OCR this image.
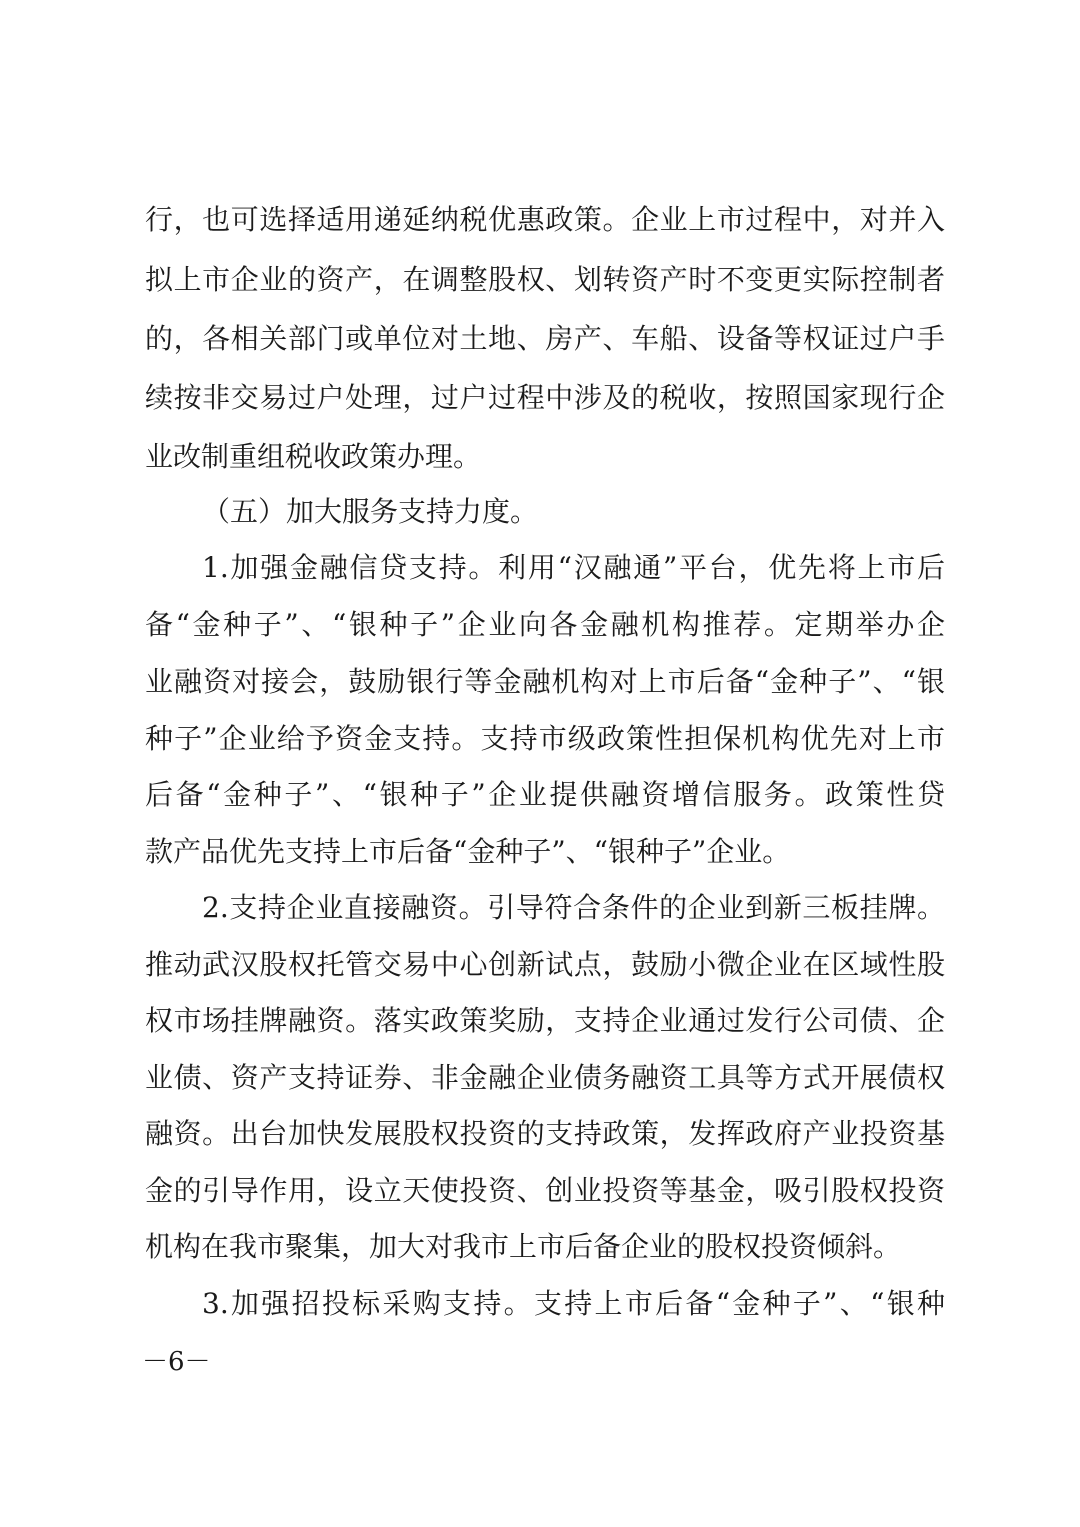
行，也可选择适用递延纳税优惠政策。企业上市过程中，对并入
拟上市企业的资产，在调整股权、划转资产时不变更实际控制者
的，各相关部门或单位对土地、房产、车船、设备等权证过户手
续按非交易过户处理，过户过程中涉及的税收，按照国家现行企
业改制重组税收政策办理。
（五）加大服务支持力度。
1.加强金融信贷支持。利用“汉融通”平台，优先将上市后
备“金种子”、“银种子”企业向各金融机构推荐。定期举办企
业融资对接会，鼓励银行等金融机构对上市后备“金种子”、“银
种子”企业给予资金支持。支持市级政策性担保机构优先对上市
后备“金种子”、“银种子”企业提供融资增信服务。政策性贷
款产品优先支持上市后备“金种子”、“银种子”企业。
2.支持企业直接融资。引导符合条件的企业到新三板挂牌。
推动武汉股权托管交易中心创新试点，鼓励小微企业在区域性股
权市场挂牌融资。落实政策奖励，支持企业通过发行公司债、企
业债、资产支持证券、非金融企业债务融资工具等方式开展债权
融资。出台加快发展股权投资的支持政策，发挥政府产业投资基
金的引导作用，设立天使投资、创业投资等基金，吸引股权投资
机构在我市聚集，加大对我市上市后备企业的股权投资倾斜。
3.加强招投标采购支持。支持上市后备“金种子”、“银种
－6－
